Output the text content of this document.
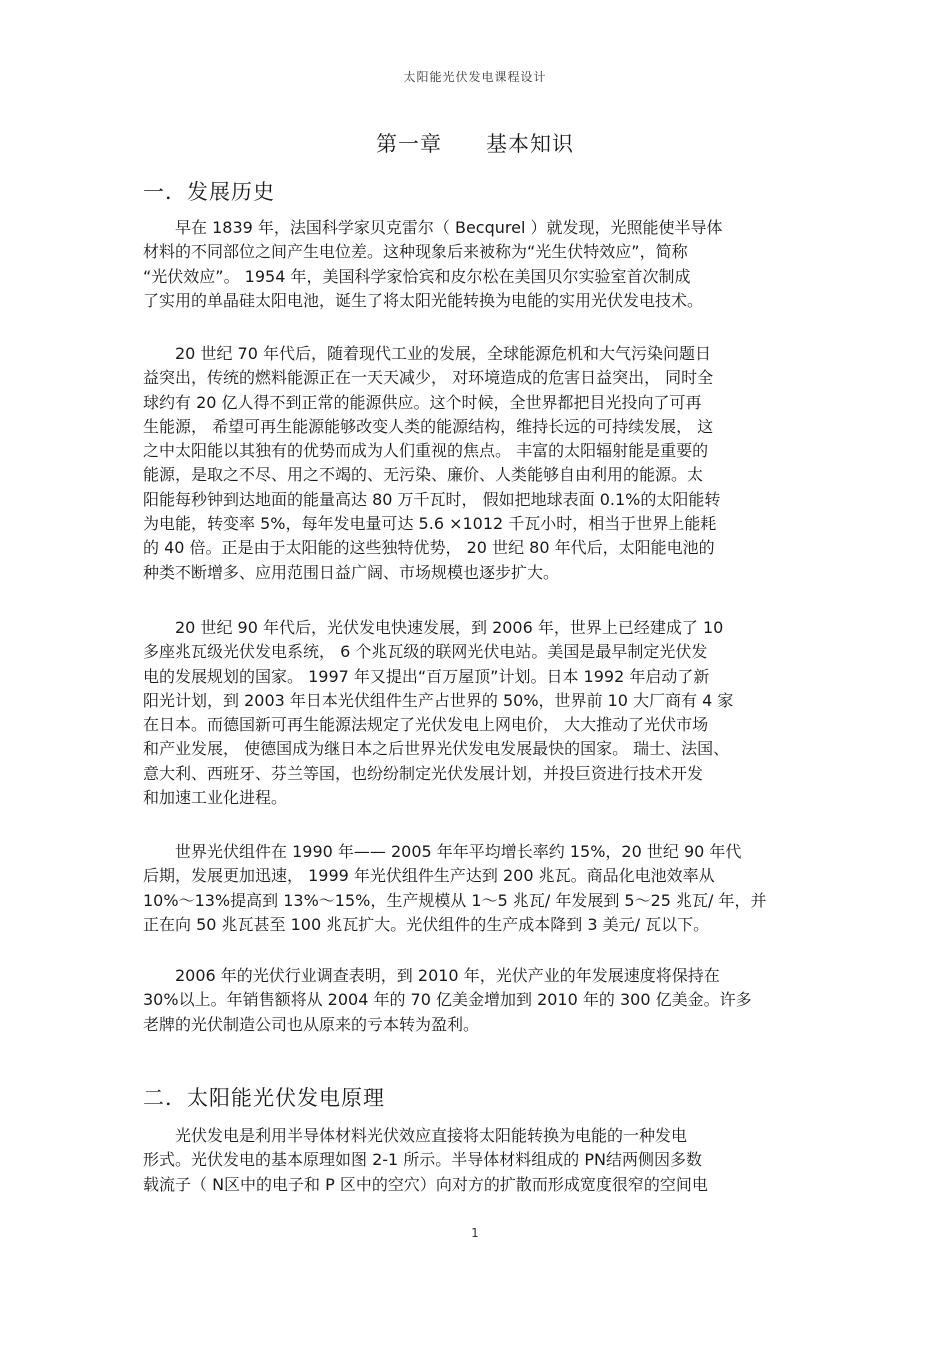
太阳能光伏发电课程设计
第一章　　基本知识
一．发展历史
　　早在 1839 年，法国科学家贝克雷尔（ Becqurel ）就发现，光照能使半导体
材料的不同部位之间产生电位差。这种现象后来被称为“光生伏特效应”，简称
“光伏效应”。 1954 年，美国科学家恰宾和皮尔松在美国贝尔实验室首次制成
了实用的单晶硅太阳电池，诞生了将太阳光能转换为电能的实用光伏发电技术。
　　20 世纪 70 年代后，随着现代工业的发展，全球能源危机和大气污染问题日
益突出，传统的燃料能源正在一天天减少， 对环境造成的危害日益突出， 同时全
球约有 20 亿人得不到正常的能源供应。这个时候，全世界都把目光投向了可再
生能源， 希望可再生能源能够改变人类的能源结构，维持长远的可持续发展， 这
之中太阳能以其独有的优势而成为人们重视的焦点。 丰富的太阳辐射能是重要的
能源，是取之不尽、用之不竭的、无污染、廉价、人类能够自由利用的能源。太
阳能每秒钟到达地面的能量高达 80 万千瓦时， 假如把地球表面 0.1%的太阳能转
为电能，转变率 5%，每年发电量可达 5.6 ×1012 千瓦小时，相当于世界上能耗
的 40 倍。正是由于太阳能的这些独特优势， 20 世纪 80 年代后，太阳能电池的
种类不断增多、应用范围日益广阔、市场规模也逐步扩大。
　　20 世纪 90 年代后，光伏发电快速发展，到 2006 年，世界上已经建成了 10
多座兆瓦级光伏发电系统， 6 个兆瓦级的联网光伏电站。美国是最早制定光伏发
电的发展规划的国家。 1997 年又提出“百万屋顶”计划。日本 1992 年启动了新
阳光计划，到 2003 年日本光伏组件生产占世界的 50%，世界前 10 大厂商有 4 家
在日本。而德国新可再生能源法规定了光伏发电上网电价， 大大推动了光伏市场
和产业发展， 使德国成为继日本之后世界光伏发电发展最快的国家。 瑞士、法国、
意大利、西班牙、芬兰等国，也纷纷制定光伏发展计划，并投巨资进行技术开发
和加速工业化进程。
　　世界光伏组件在 1990 年—— 2005 年年平均增长率约 15%，20 世纪 90 年代
后期，发展更加迅速， 1999 年光伏组件生产达到 200 兆瓦。商品化电池效率从
10%～13%提高到 13%～15%，生产规模从 1～5 兆瓦/ 年发展到 5～25 兆瓦/ 年，并
正在向 50 兆瓦甚至 100 兆瓦扩大。光伏组件的生产成本降到 3 美元/ 瓦以下。
　　2006 年的光伏行业调查表明，到 2010 年，光伏产业的年发展速度将保持在
30%以上。年销售额将从 2004 年的 70 亿美金增加到 2010 年的 300 亿美金。许多
老牌的光伏制造公司也从原来的亏本转为盈利。
二．太阳能光伏发电原理
　　光伏发电是利用半导体材料光伏效应直接将太阳能转换为电能的一种发电
形式。光伏发电的基本原理如图 2-1 所示。半导体材料组成的 PN结两侧因多数
载流子（ N区中的电子和 P 区中的空穴）向对方的扩散而形成宽度很窄的空间电
1
